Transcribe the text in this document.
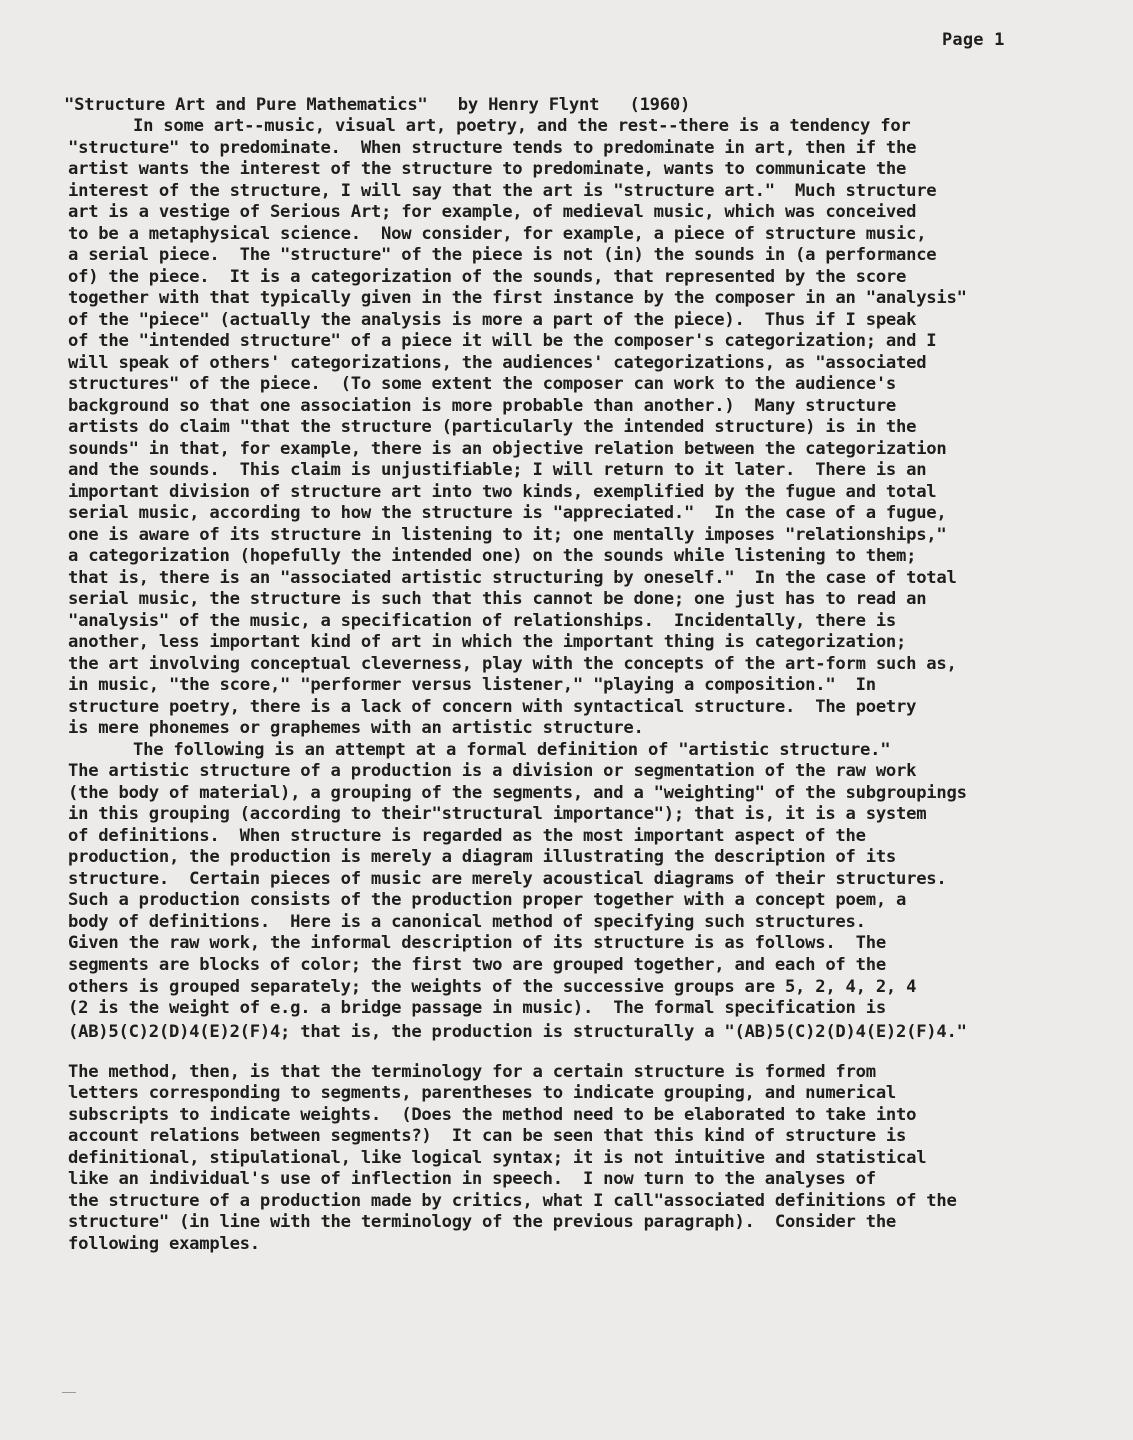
Page 1
"Structure Art and Pure Mathematics"   by Henry Flynt   (1960)
In some art--music, visual art, poetry, and the rest--there is a tendency for
"structure" to predominate.  When structure tends to predominate in art, then if the
artist wants the interest of the structure to predominate, wants to communicate the
interest of the structure, I will say that the art is "structure art."  Much structure
art is a vestige of Serious Art; for example, of medieval music, which was conceived
to be a metaphysical science.  Now consider, for example, a piece of structure music,
a serial piece.  The "structure" of the piece is not (in) the sounds in (a performance
of) the piece.  It is a categorization of the sounds, that represented by the score
together with that typically given in the first instance by the composer in an "analysis"
of the "piece" (actually the analysis is more a part of the piece).  Thus if I speak
of the "intended structure" of a piece it will be the composer's categorization; and I
will speak of others' categorizations, the audiences' categorizations, as "associated
structures" of the piece.  (To some extent the composer can work to the audience's
background so that one association is more probable than another.)  Many structure
artists do claim "that the structure (particularly the intended structure) is in the
sounds" in that, for example, there is an objective relation between the categorization
and the sounds.  This claim is unjustifiable; I will return to it later.  There is an
important division of structure art into two kinds, exemplified by the fugue and total
serial music, according to how the structure is "appreciated."  In the case of a fugue,
one is aware of its structure in listening to it; one mentally imposes "relationships,"
a categorization (hopefully the intended one) on the sounds while listening to them;
that is, there is an "associated artistic structuring by oneself."  In the case of total
serial music, the structure is such that this cannot be done; one just has to read an
"analysis" of the music, a specification of relationships.  Incidentally, there is
another, less important kind of art in which the important thing is categorization;
the art involving conceptual cleverness, play with the concepts of the art-form such as,
in music, "the score," "performer versus listener," "playing a composition."  In
structure poetry, there is a lack of concern with syntactical structure.  The poetry
is mere phonemes or graphemes with an artistic structure.
The following is an attempt at a formal definition of "artistic structure."
The artistic structure of a production is a division or segmentation of the raw work
(the body of material), a grouping of the segments, and a "weighting" of the subgroupings
in this grouping (according to their"structural importance"); that is, it is a system
of definitions.  When structure is regarded as the most important aspect of the
production, the production is merely a diagram illustrating the description of its
structure.  Certain pieces of music are merely acoustical diagrams of their structures.
Such a production consists of the production proper together with a concept poem, a
body of definitions.  Here is a canonical method of specifying such structures.
Given the raw work, the informal description of its structure is as follows.  The
segments are blocks of color; the first two are grouped together, and each of the
others is grouped separately; the weights of the successive groups are 5, 2, 4, 2, 4
(2 is the weight of e.g. a bridge passage in music).  The formal specification is
(AB)5(C)2(D)4(E)2(F)4; that is, the production is structurally a "(AB)5(C)2(D)4(E)2(F)4."
The method, then, is that the terminology for a certain structure is formed from
letters corresponding to segments, parentheses to indicate grouping, and numerical
subscripts to indicate weights.  (Does the method need to be elaborated to take into
account relations between segments?)  It can be seen that this kind of structure is
definitional, stipulational, like logical syntax; it is not intuitive and statistical
like an individual's use of inflection in speech.  I now turn to the analyses of
the structure of a production made by critics, what I call"associated definitions of the
structure" (in line with the terminology of the previous paragraph).  Consider the
following examples.
